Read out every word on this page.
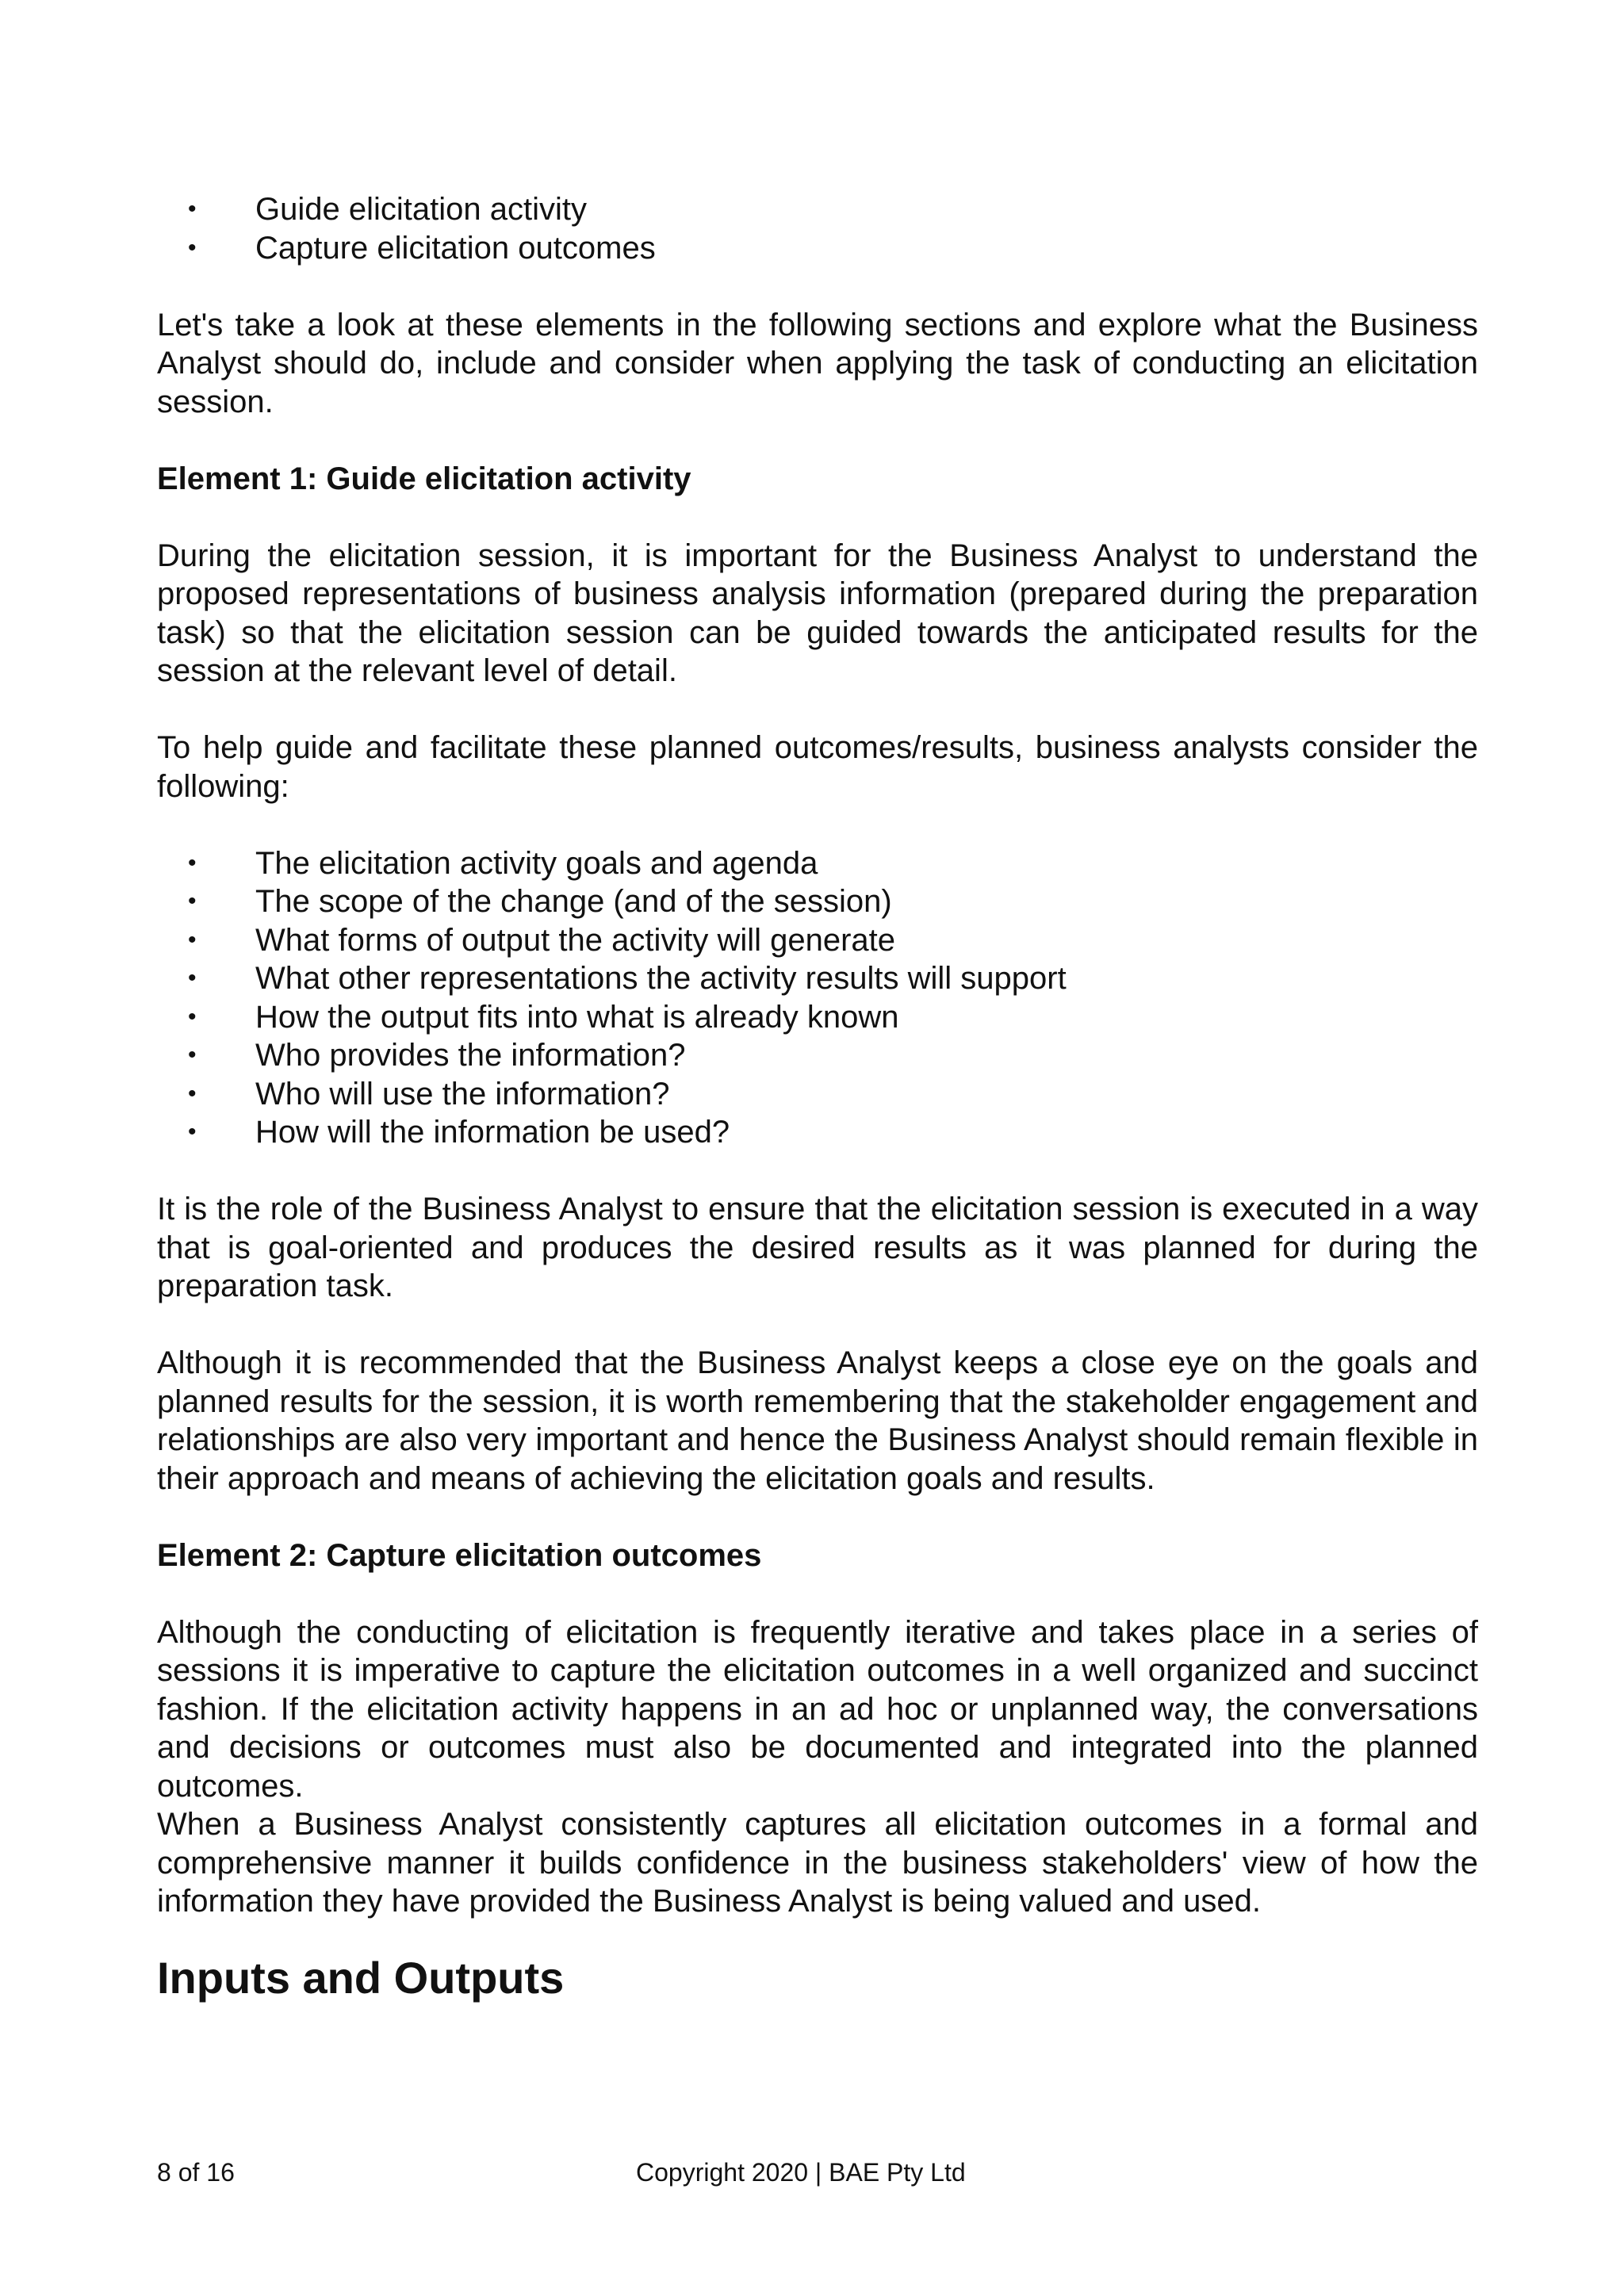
• Guide elicitation activity
• Capture elicitation outcomes

Let's take a look at these elements in the following sections and explore what the Business Analyst should do, include and consider when applying the task of conducting an elicitation session.

Element 1: Guide elicitation activity

During the elicitation session, it is important for the Business Analyst to understand the proposed representations of business analysis information (prepared during the preparation task) so that the elicitation session can be guided towards the anticipated results for the session at the relevant level of detail.

To help guide and facilitate these planned outcomes/results, business analysts consider the following:

• The elicitation activity goals and agenda
• The scope of the change (and of the session)
• What forms of output the activity will generate
• What other representations the activity results will support
• How the output fits into what is already known
• Who provides the information?
• Who will use the information?
• How will the information be used?

It is the role of the Business Analyst to ensure that the elicitation session is executed in a way that is goal-oriented and produces the desired results as it was planned for during the preparation task.

Although it is recommended that the Business Analyst keeps a close eye on the goals and planned results for the session, it is worth remembering that the stakeholder engagement and relationships are also very important and hence the Business Analyst should remain flexible in their approach and means of achieving the elicitation goals and results.

Element 2: Capture elicitation outcomes

Although the conducting of elicitation is frequently iterative and takes place in a series of sessions it is imperative to capture the elicitation outcomes in a well organized and succinct fashion. If the elicitation activity happens in an ad hoc or unplanned way, the conversations and decisions or outcomes must also be documented and integrated into the planned outcomes.

When a Business Analyst consistently captures all elicitation outcomes in a formal and comprehensive manner it builds confidence in the business stakeholders' view of how the information they have provided the Business Analyst is being valued and used.

Inputs and Outputs
8 of 16	Copyright 2020 | BAE Pty Ltd
